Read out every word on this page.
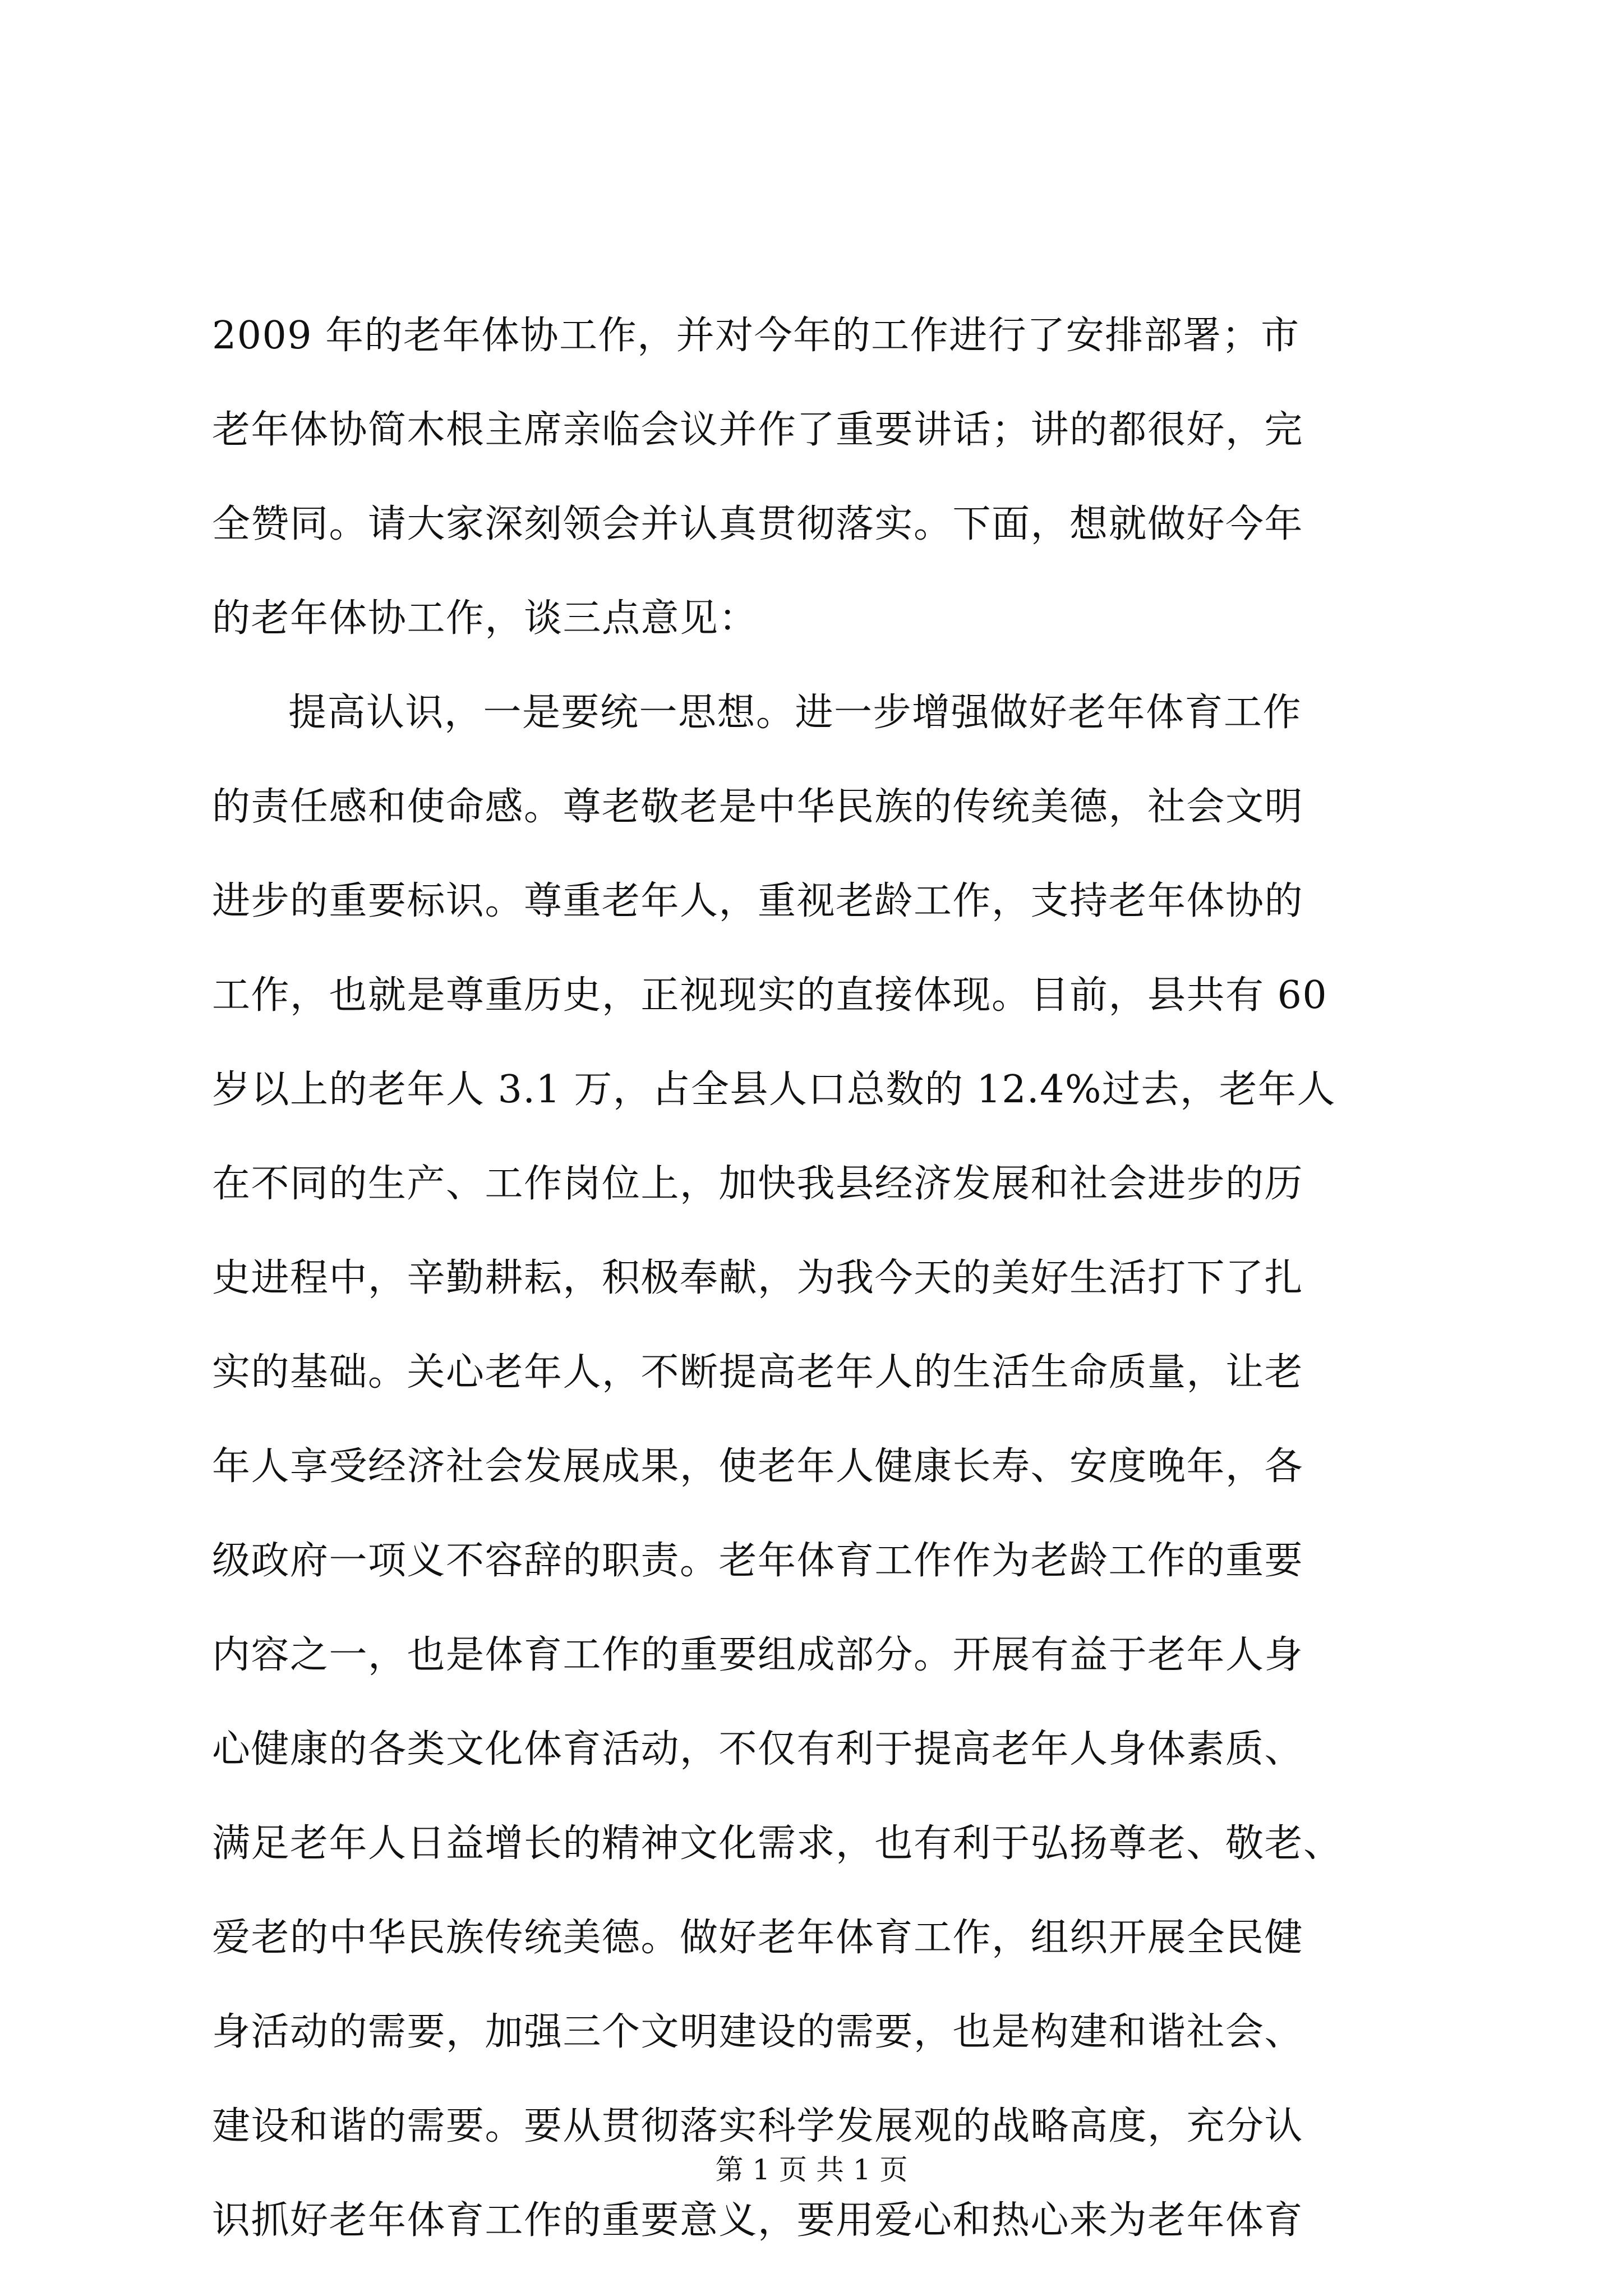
2009 年的老年体协工作，并对今年的工作进行了安排部署；市
老年体协简木根主席亲临会议并作了重要讲话；讲的都很好，完
全赞同。请大家深刻领会并认真贯彻落实。下面，想就做好今年
的老年体协工作，谈三点意见：
提高认识，一是要统一思想。进一步增强做好老年体育工作
的责任感和使命感。尊老敬老是中华民族的传统美德，社会文明
进步的重要标识。尊重老年人，重视老龄工作，支持老年体协的
工作，也就是尊重历史，正视现实的直接体现。目前，县共有 60
岁以上的老年人 3.1 万，占全县人口总数的 12.4%过去，老年人
在不同的生产、工作岗位上，加快我县经济发展和社会进步的历
史进程中，辛勤耕耘，积极奉献，为我今天的美好生活打下了扎
实的基础。关心老年人，不断提高老年人的生活生命质量，让老
年人享受经济社会发展成果，使老年人健康长寿、安度晚年，各
级政府一项义不容辞的职责。老年体育工作作为老龄工作的重要
内容之一，也是体育工作的重要组成部分。开展有益于老年人身
心健康的各类文化体育活动，不仅有利于提高老年人身体素质、
满足老年人日益增长的精神文化需求，也有利于弘扬尊老、敬老、
爱老的中华民族传统美德。做好老年体育工作，组织开展全民健
身活动的需要，加强三个文明建设的需要，也是构建和谐社会、
建设和谐的需要。要从贯彻落实科学发展观的战略高度，充分认
识抓好老年体育工作的重要意义，要用爱心和热心来为老年体育
第 1 页 共 1 页
